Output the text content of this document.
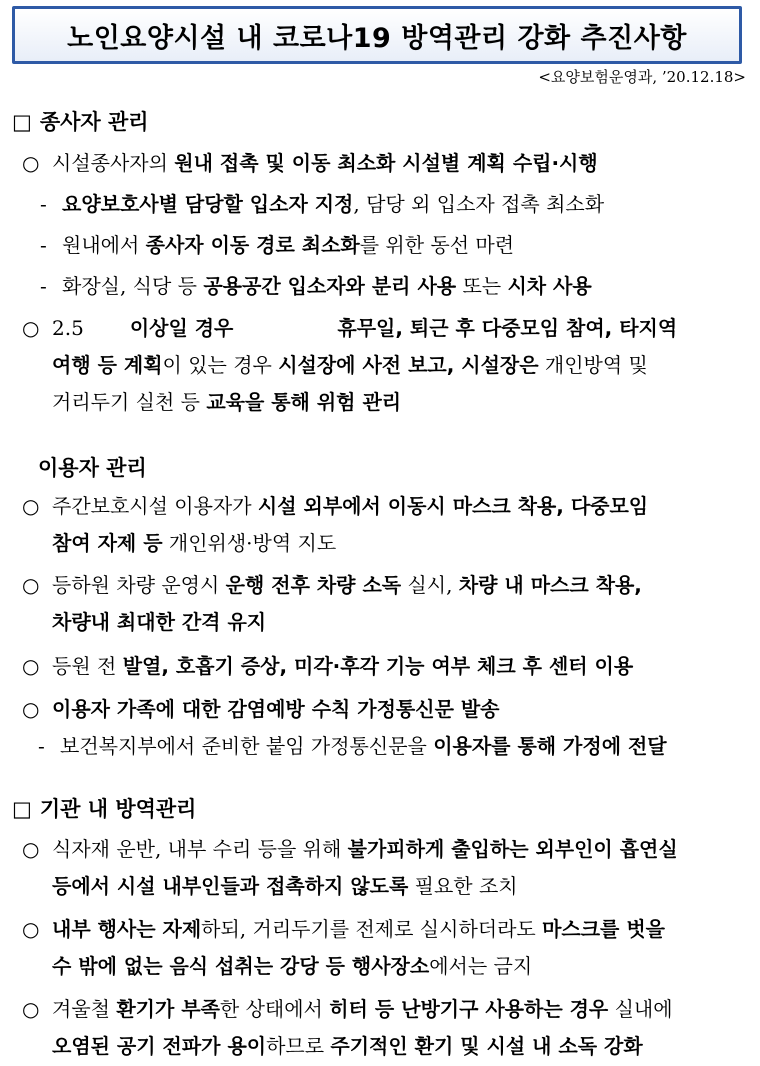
노인요양시설 내 코로나19 방역관리 강화 추진사항
<요양보험운영과, ’20.12.18>
□ 종사자 관리
○ 시설종사자의 원내 접촉 및 이동 최소화 시설별 계획 수립·시행
- 요양보호사별 담당할 입소자 지정, 담당 외 입소자 접촉 최소화
- 원내에서 종사자 이동 경로 최소화를 위한 동선 마련
- 화장실, 식당 등 공용공간 입소자와 분리 사용 또는 시차 사용
○ 2.5 이상일 경우	휴무일, 퇴근 후 다중모임 참여, 타지역
여행 등 계획이 있는 경우 시설장에 사전 보고, 시설장은 개인방역 및
거리두기 실천 등 교육을 통해 위험 관리
이용자 관리
○ 주간보호시설 이용자가 시설 외부에서 이동시 마스크 착용, 다중모임
참여 자제 등 개인위생·방역 지도
○ 등하원 차량 운영시 운행 전후 차량 소독 실시, 차량 내 마스크 착용,
차량내 최대한 간격 유지
○ 등원 전 발열, 호흡기 증상, 미각·후각 기능 여부 체크 후 센터 이용
○ 이용자 가족에 대한 감염예방 수칙 가정통신문 발송
- 보건복지부에서 준비한 붙임 가정통신문을 이용자를 통해 가정에 전달
□ 기관 내 방역관리
○ 식자재 운반, 내부 수리 등을 위해 불가피하게 출입하는 외부인이 흡연실
등에서 시설 내부인들과 접촉하지 않도록 필요한 조치
○ 내부 행사는 자제하되, 거리두기를 전제로 실시하더라도 마스크를 벗을
수 밖에 없는 음식 섭취는 강당 등 행사장소에서는 금지
○ 겨울철 환기가 부족한 상태에서 히터 등 난방기구 사용하는 경우 실내에
오염된 공기 전파가 용이하므로 주기적인 환기 및 시설 내 소독 강화
